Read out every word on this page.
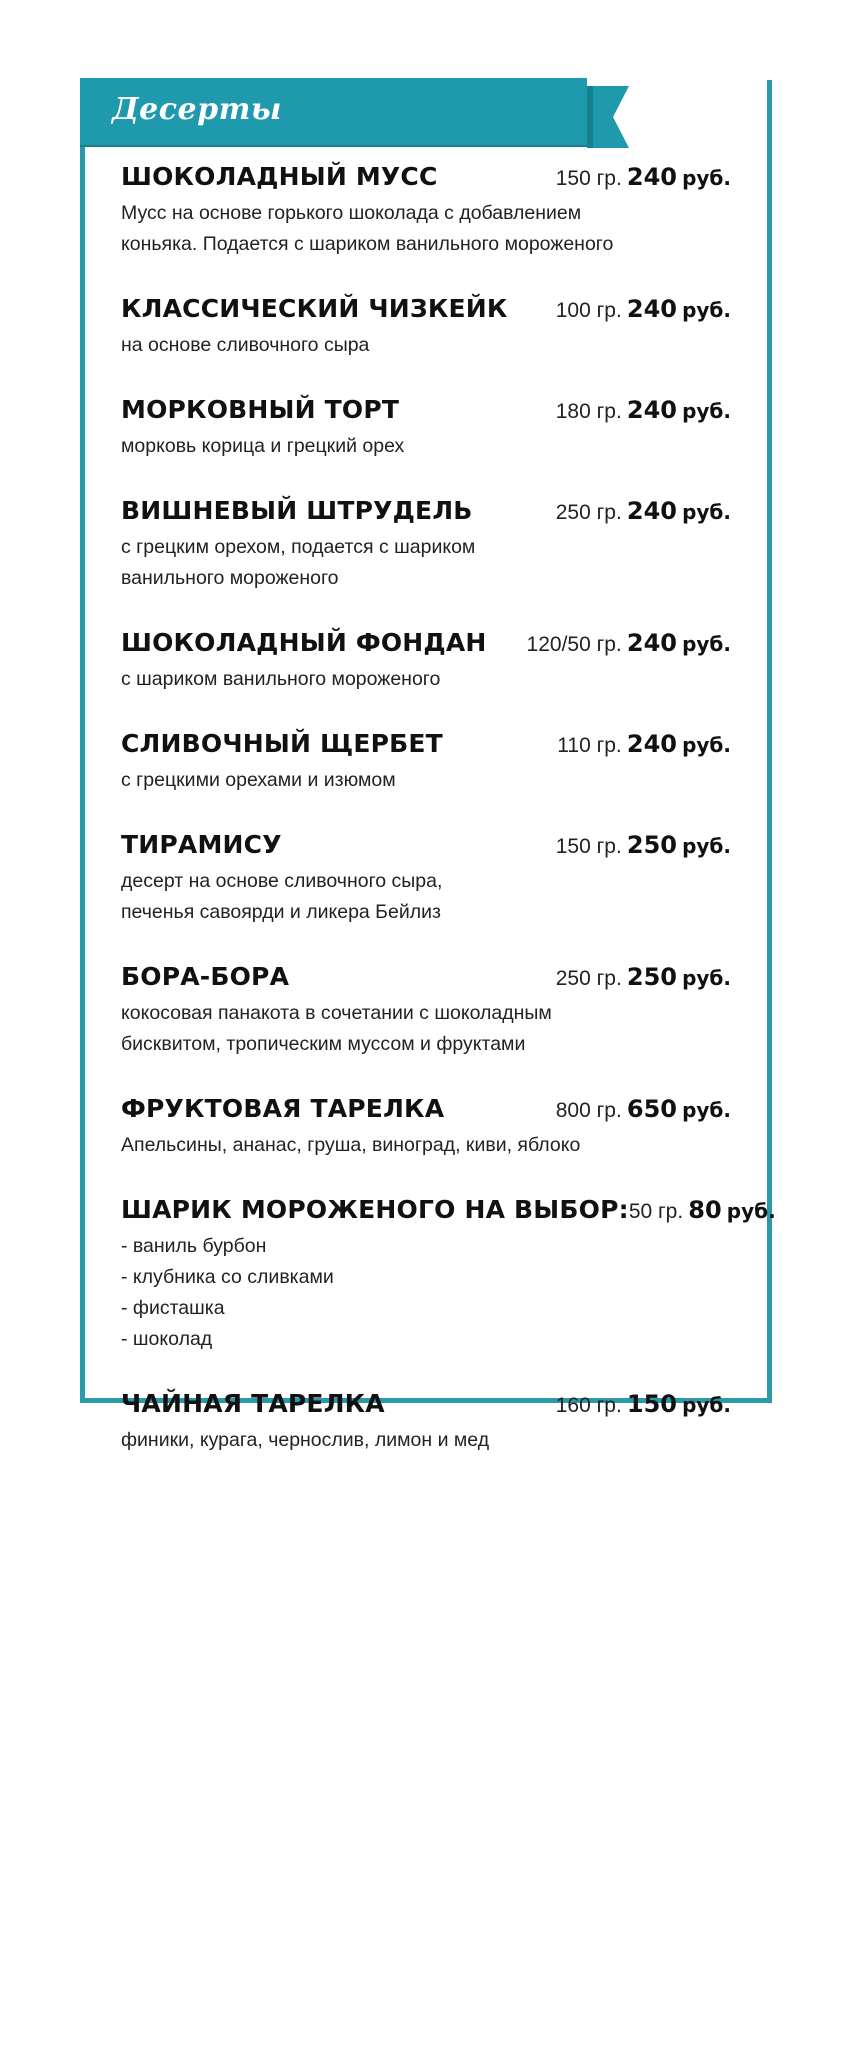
Десерты
ШОКОЛАДНЫЙ МУСС	150 гр. 240 руб.
Мусс на основе горького шоколада с добавлением
коньяка. Подается с шариком ванильного мороженого
КЛАССИЧЕСКИЙ ЧИЗКЕЙК 100 гр. 240 руб.
на основе сливочного сыра
МОРКОВНЫЙ ТОРТ	180 гр. 240 руб.
морковь корица и грецкий орех
ВИШНЕВЫЙ ШТРУДЕЛЬ	250 гр. 240 руб.
с грецким орехом, подается с шариком
ванильного мороженого
ШОКОЛАДНЫЙ ФОНДАН 120/50 гр. 240 руб.
с шариком ванильного мороженого
СЛИВОЧНЫЙ ЩЕРБЕТ	110 гр. 240 руб.
с грецкими орехами и изюмом
ТИРАМИСУ	150 гр. 250 руб.
десерт на основе сливочного сыра,
печенья савоярди и ликера Бейлиз
БОРА-БОРА	250 гр. 250 руб.
кокосовая панакота в сочетании с шоколадным
бисквитом, тропическим муссом и фруктами
ФРУКТОВАЯ ТАРЕЛКА	800 гр. 650 руб.
Апельсины, ананас, груша, виноград, киви, яблоко
ШАРИК МОРОЖЕНОГО НА ВЫБОР: 50 гр. 80 руб.
- ваниль бурбон
- клубника со сливками
- фисташка
- шоколад
ЧАЙНАЯ ТАРЕЛКА	160 гр. 150 руб.
финики, курага, чернослив, лимон и мед
